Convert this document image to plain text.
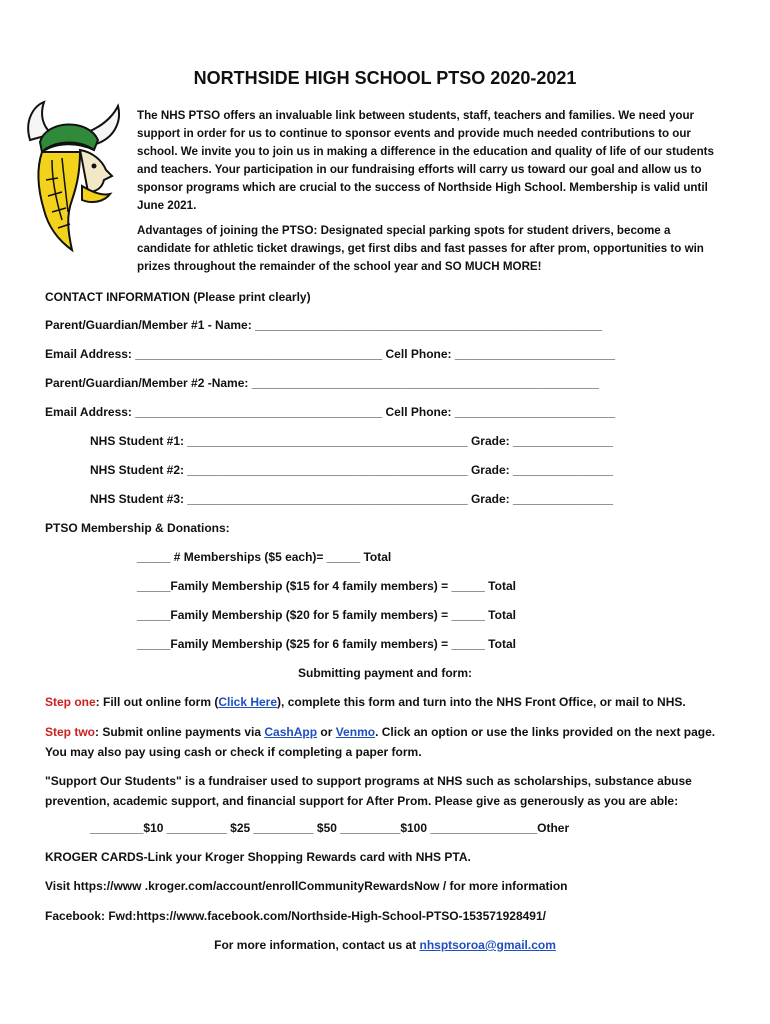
NORTHSIDE HIGH SCHOOL PTSO 2020-2021

The NHS PTSO offers an invaluable link between students, staff, teachers and families. We need your support in order for us to continue to sponsor events and provide much needed contributions to our school. We invite you to join us in making a difference in the education and quality of life of our students and teachers. Your participation in our fundraising efforts will carry us toward our goal and allow us to sponsor programs which are crucial to the success of Northside High School. Membership is valid until June 2021.

Advantages of joining the PTSO: Designated special parking spots for student drivers, become a candidate for athletic ticket drawings, get first dibs and fast passes for after prom, opportunities to win prizes throughout the remainder of the school year and SO MUCH MORE!

CONTACT INFORMATION (Please print clearly)
Parent/Guardian/Member #1 - Name: ____________________________________________________
Email Address: _____________________________________ Cell Phone: ________________________
Parent/Guardian/Member #2 -Name: ____________________________________________________
Email Address: _____________________________________ Cell Phone: ________________________
NHS Student #1: __________________________________________ Grade: _______________
NHS Student #2: __________________________________________ Grade: _______________
NHS Student #3: __________________________________________ Grade: _______________
PTSO Membership & Donations:
_____ # Memberships ($5 each)= _____ Total
_____Family Membership ($15 for 4 family members) = _____ Total
_____Family Membership ($20 for 5 family members) = _____ Total
_____Family Membership ($25 for 6 family members) = _____ Total
Submitting payment and form:
Step one: Fill out online form (Click Here), complete this form and turn into the NHS Front Office, or mail to NHS.
Step two: Submit online payments via CashApp or Venmo. Click an option or use the links provided on the next page.
You may also pay using cash or check if completing a paper form.
"Support Our Students" is a fundraiser used to support programs at NHS such as scholarships, substance abuse prevention, academic support, and financial support for After Prom. Please give as generously as you are able:
________$10 _________ $25 _________ $50 _________$100 ________________Other
KROGER CARDS-Link your Kroger Shopping Rewards card with NHS PTA.
Visit https://www .kroger.com/account/enrollCommunityRewardsNow / for more information
Facebook: Fwd:https://www.facebook.com/Northside-High-School-PTSO-153571928491/
For more information, contact us at nhsptsoroa@gmail.com
